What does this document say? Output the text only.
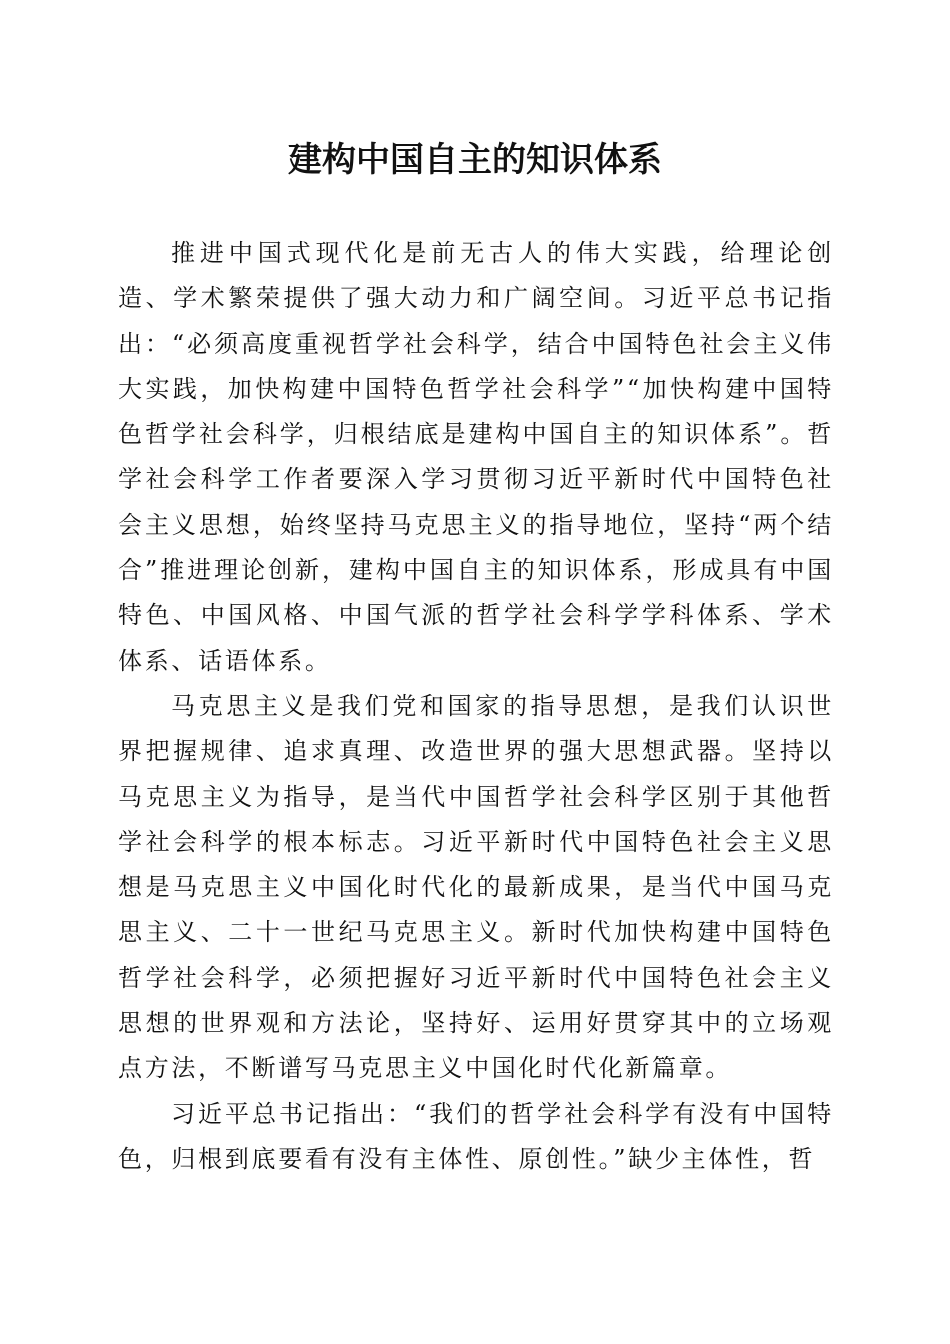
建构中国自主的知识体系

推进中国式现代化是前无古人的伟大实践，给理论创造、学术繁荣提供了强大动力和广阔空间。习近平总书记指出：“必须高度重视哲学社会科学，结合中国特色社会主义伟大实践，加快构建中国特色哲学社会科学”“加快构建中国特色哲学社会科学，归根结底是建构中国自主的知识体系”。哲学社会科学工作者要深入学习贯彻习近平新时代中国特色社会主义思想，始终坚持马克思主义的指导地位，坚持“两个结合”推进理论创新，建构中国自主的知识体系，形成具有中国特色、中国风格、中国气派的哲学社会科学学科体系、学术体系、话语体系。

马克思主义是我们党和国家的指导思想，是我们认识世界把握规律、追求真理、改造世界的强大思想武器。坚持以马克思主义为指导，是当代中国哲学社会科学区别于其他哲学社会科学的根本标志。习近平新时代中国特色社会主义思想是马克思主义中国化时代化的最新成果，是当代中国马克思主义、二十一世纪马克思主义。新时代加快构建中国特色哲学社会科学，必须把握好习近平新时代中国特色社会主义思想的世界观和方法论，坚持好、运用好贯穿其中的立场观点方法，不断谱写马克思主义中国化时代化新篇章。

习近平总书记指出：“我们的哲学社会科学有没有中国特色，归根到底要看有没有主体性、原创性。”缺少主体性，哲
